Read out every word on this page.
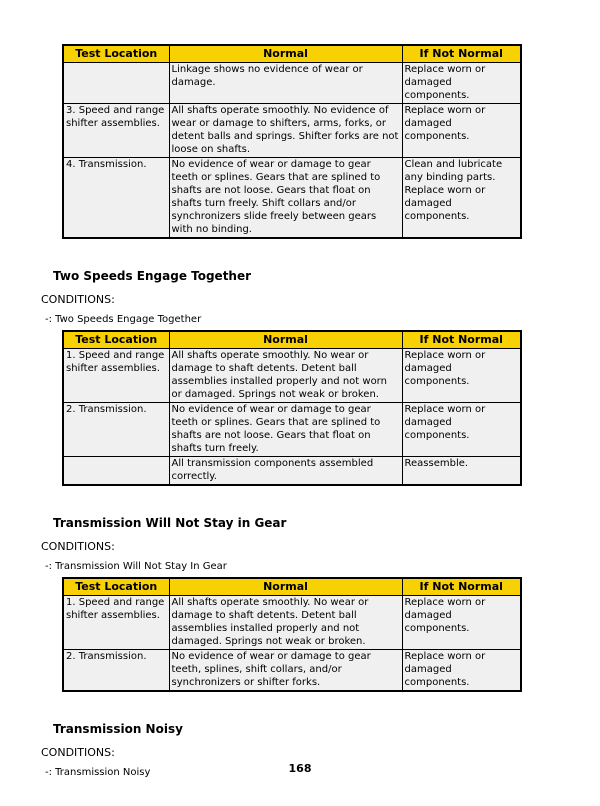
Test Location	Normal	If Not Normal
	Linkage shows no evidence of wear or damage.	Replace worn or damaged components.
3. Speed and range shifter assemblies.	All shafts operate smoothly. No evidence of wear or damage to shifters, arms, forks, or detent balls and springs. Shifter forks are not loose on shafts.	Replace worn or damaged components.
4. Transmission.	No evidence of wear or damage to gear teeth or splines. Gears that are splined to shafts are not loose. Gears that float on shafts turn freely. Shift collars and/or synchronizers slide freely between gears with no binding.	Clean and lubricate any binding parts. Replace worn or damaged components.
Two Speeds Engage Together
CONDITIONS:
-: Two Speeds Engage Together
Test Location	Normal	If Not Normal
1. Speed and range shifter assemblies.	All shafts operate smoothly. No wear or damage to shaft detents. Detent ball assemblies installed properly and not worn or damaged. Springs not weak or broken.	Replace worn or damaged components.
2. Transmission.	No evidence of wear or damage to gear teeth or splines. Gears that are splined to shafts are not loose. Gears that float on shafts turn freely.	Replace worn or damaged components.
	All transmission components assembled correctly.	Reassemble.
Transmission Will Not Stay in Gear
CONDITIONS:
-: Transmission Will Not Stay In Gear
Test Location	Normal	If Not Normal
1. Speed and range shifter assemblies.	All shafts operate smoothly. No wear or damage to shaft detents. Detent ball assemblies installed properly and not damaged. Springs not weak or broken.	Replace worn or damaged components.
2. Transmission.	No evidence of wear or damage to gear teeth, splines, shift collars, and/or synchronizers or shifter forks.	Replace worn or damaged components.
Transmission Noisy
CONDITIONS:
-: Transmission Noisy	168
